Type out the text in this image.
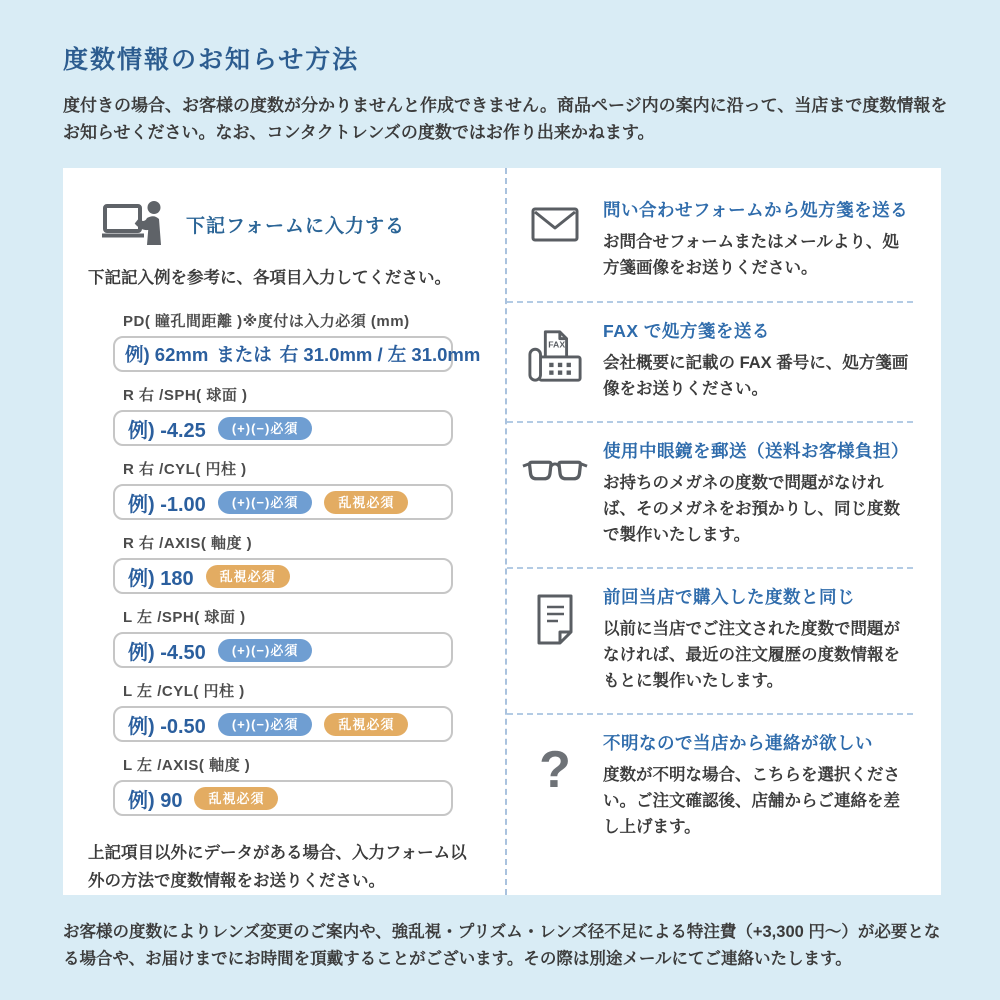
度数情報のお知らせ方法

度付きの場合、お客様の度数が分かりませんと作成できません。商品ページ内の案内に沿って、当店まで度数情報をお知らせください。なお、コンタクトレンズの度数ではお作り出来かねます。

下記フォームに入力する

下記記入例を参考に、各項目入力してください。

PD( 瞳孔間距離 )※度付は入力必須 (mm)
例) 62mm または 右 31.0mm / 左 31.0mm
R 右 /SPH( 球面 )
例) -4.25	(+)(−)必須
R 右 /CYL( 円柱 )
例) -1.00	(+)(−)必須	乱視必須
R 右 /AXIS( 軸度 )
例) 180	乱視必須
L 左 /SPH( 球面 )
例) -4.50	(+)(−)必須
L 左 /CYL( 円柱 )
例) -0.50	(+)(−)必須	乱視必須
L 左 /AXIS( 軸度 )
例) 90	乱視必須

上記項目以外にデータがある場合、入力フォーム以外の方法で度数情報をお送りください。

問い合わせフォームから処方箋を送る

お問合せフォームまたはメールより、処方箋画像をお送りください。

FAX

FAX で処方箋を送る

会社概要に記載の FAX 番号に、処方箋画像をお送りください。

使用中眼鏡を郵送（送料お客様負担）

お持ちのメガネの度数で問題がなければ、そのメガネをお預かりし、同じ度数で製作いたします。

前回当店で購入した度数と同じ

以前に当店でご注文された度数で問題がなければ、最近の注文履歴の度数情報をもとに製作いたします。

? 不明なので当店から連絡が欲しい

度数が不明な場合、こちらを選択ください。ご注文確認後、店舗からご連絡を差し上げます。

お客様の度数によりレンズ変更のご案内や、強乱視・プリズム・レンズ径不足による特注費（+3,300 円～）が必要となる場合や、お届けまでにお時間を頂戴することがございます。その際は別途メールにてご連絡いたします。
